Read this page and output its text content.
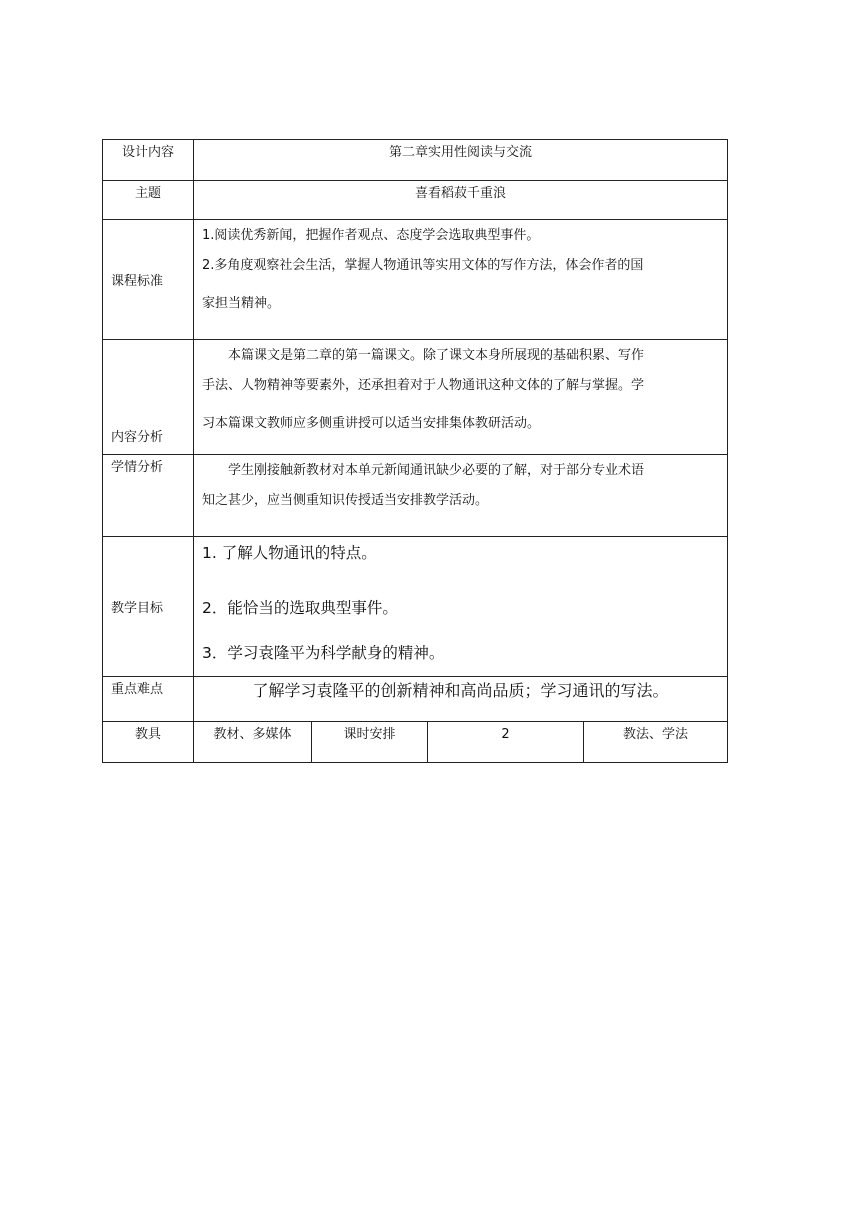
设计内容	第二章实用性阅读与交流			
主题	喜看稻菽千重浪			
课程标准	1.阅读优秀新闻，把握作者观点、态度学会选取典型事件。

2.多角度观察社会生活，掌握人物通讯等实用文体的写作方法，体会作者的国

家担当精神。			

内容分析	本篇课文是第二章的第一篇课文。除了课文本身所展现的基础积累、写作

手法、人物精神等要素外，还承担着对于人物通讯这种文体的了解与掌握。学

习本篇课文教师应多侧重讲授可以适当安排集体教研活动。			

学情分析	学生刚接触新教材对本单元新闻通讯缺少必要的了解，对于部分专业术语

知之甚少，应当侧重知识传授适当安排教学活动。			

教学目标	1. 了解人物通讯的特点。

2．能恰当的选取典型事件。

3．学习袁隆平为科学献身的精神。			

重点难点	了解学习袁隆平的创新精神和高尚品质；学习通讯的写法。			
教具	教材、多媒体	课时安排	2	教法、学法
